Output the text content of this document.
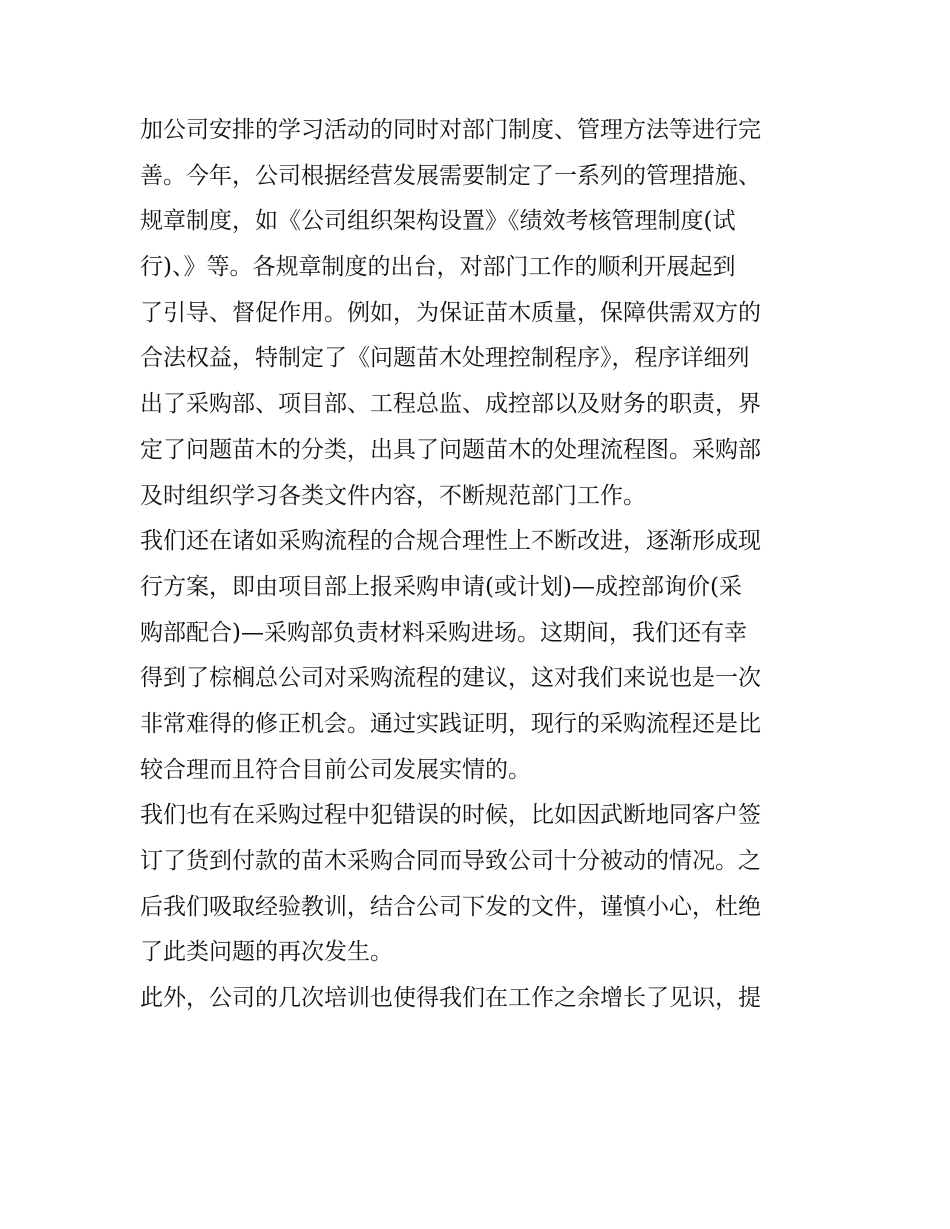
加公司安排的学习活动的同时对部门制度、管理方法等进行完
善。今年，公司根据经营发展需要制定了一系列的管理措施、
规章制度，如《公司组织架构设置》《绩效考核管理制度(试
行)、》等。各规章制度的出台，对部门工作的顺利开展起到
了引导、督促作用。例如，为保证苗木质量，保障供需双方的
合法权益，特制定了《问题苗木处理控制程序》，程序详细列
出了采购部、项目部、工程总监、成控部以及财务的职责，界
定了问题苗木的分类，出具了问题苗木的处理流程图。采购部
及时组织学习各类文件内容，不断规范部门工作。
我们还在诸如采购流程的合规合理性上不断改进，逐渐形成现
行方案，即由项目部上报采购申请(或计划)—成控部询价(采
购部配合)—采购部负责材料采购进场。这期间，我们还有幸
得到了棕榈总公司对采购流程的建议，这对我们来说也是一次
非常难得的修正机会。通过实践证明，现行的采购流程还是比
较合理而且符合目前公司发展实情的。
我们也有在采购过程中犯错误的时候，比如因武断地同客户签
订了货到付款的苗木采购合同而导致公司十分被动的情况。之
后我们吸取经验教训，结合公司下发的文件，谨慎小心，杜绝
了此类问题的再次发生。
此外，公司的几次培训也使得我们在工作之余增长了见识，提
